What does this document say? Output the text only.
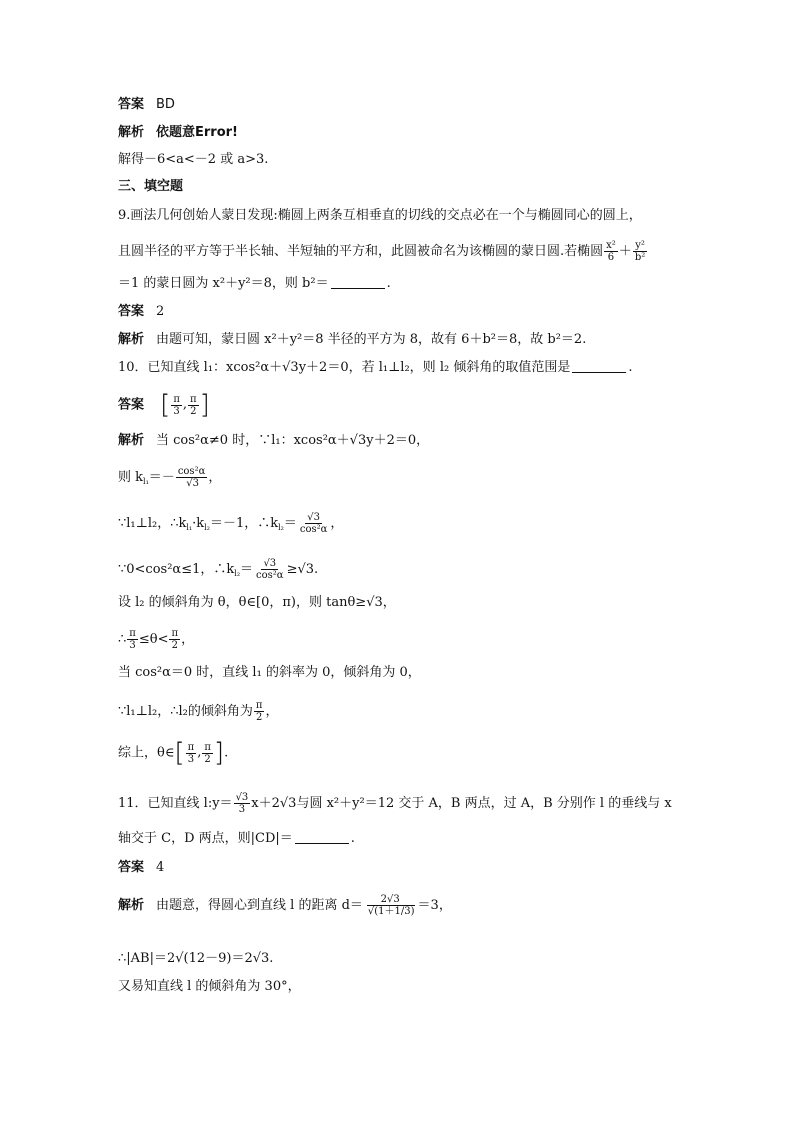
答案 BD
解析 依题意Error!
解得－6<a<－2 或 a>3.
三、填空题
9.画法几何创始人蒙日发现:椭圆上两条互相垂直的切线的交点必在一个与椭圆同心的圆上，
且圆半径的平方等于半长轴、半短轴的平方和，此圆被命名为该椭圆的蒙日圆.若椭圆 $\frac{\text{x²}}{6} + \frac{\text{y²}}{\text{b²}}$
＝1 的蒙日圆为 x²＋y²＝8，则 b²＝	.
答案 2
解析 由题可知，蒙日圆 x²＋y²＝8 半径的平方为 8，故有 6＋b²＝8，故 b²＝2.
10．已知直线 l₁：xcos²α＋√3y＋2＝0，若 l₁⊥l₂，则 l₂ 倾斜角的取值范围是	.
答案 [ $\frac{\pi}{3}$ , $\frac{\pi}{2}$ ]
解析 当 cos²α≠0 时，∵l₁：xcos²α＋√3y＋2＝0，
则 $k_{l_1}=- \frac{\text{cos²α}}{√3}$ ，
∵l₁⊥l₂，$\therefore k_{l_1}\cdot k_{l_2}=-1$，$\therefore k_{l_2}= \frac{√3}{\text{cos²α}}$ ，
∵0<cos²α≤1，$\therefore k_{l_2}= \frac{√3}{\text{cos²α}} \ge√3$.
设 l₂ 的倾斜角为 θ，θ∈[0，π)，则 tanθ≥√3，
∴ $\frac{\pi}{3} \le\theta< \frac{\pi}{2}$ ，
当 cos²α＝0 时，直线 l₁ 的斜率为 0，倾斜角为 0，
∵l₁⊥l₂，∴l₂的倾斜角为 $\frac{\pi}{2}$ ，
综上，θ∈ [ $\frac{\pi}{3}$ , $\frac{\pi}{2}$ ] .
11．已知直线 l:y＝ $\frac{√3}{3} x+2√3$与圆 x²＋y²＝12 交于 A，B 两点，过 A，B 分别作 l 的垂线与 x
轴交于 C，D 两点，则|CD|＝	.
答案 4
解析 由题意，得圆心到直线 l 的距离 $d= \frac{2√3}{√(1+1/3)} =3$，
∴|AB|＝2√(12－9)＝2√3.
又易知直线 l 的倾斜角为 30°，
